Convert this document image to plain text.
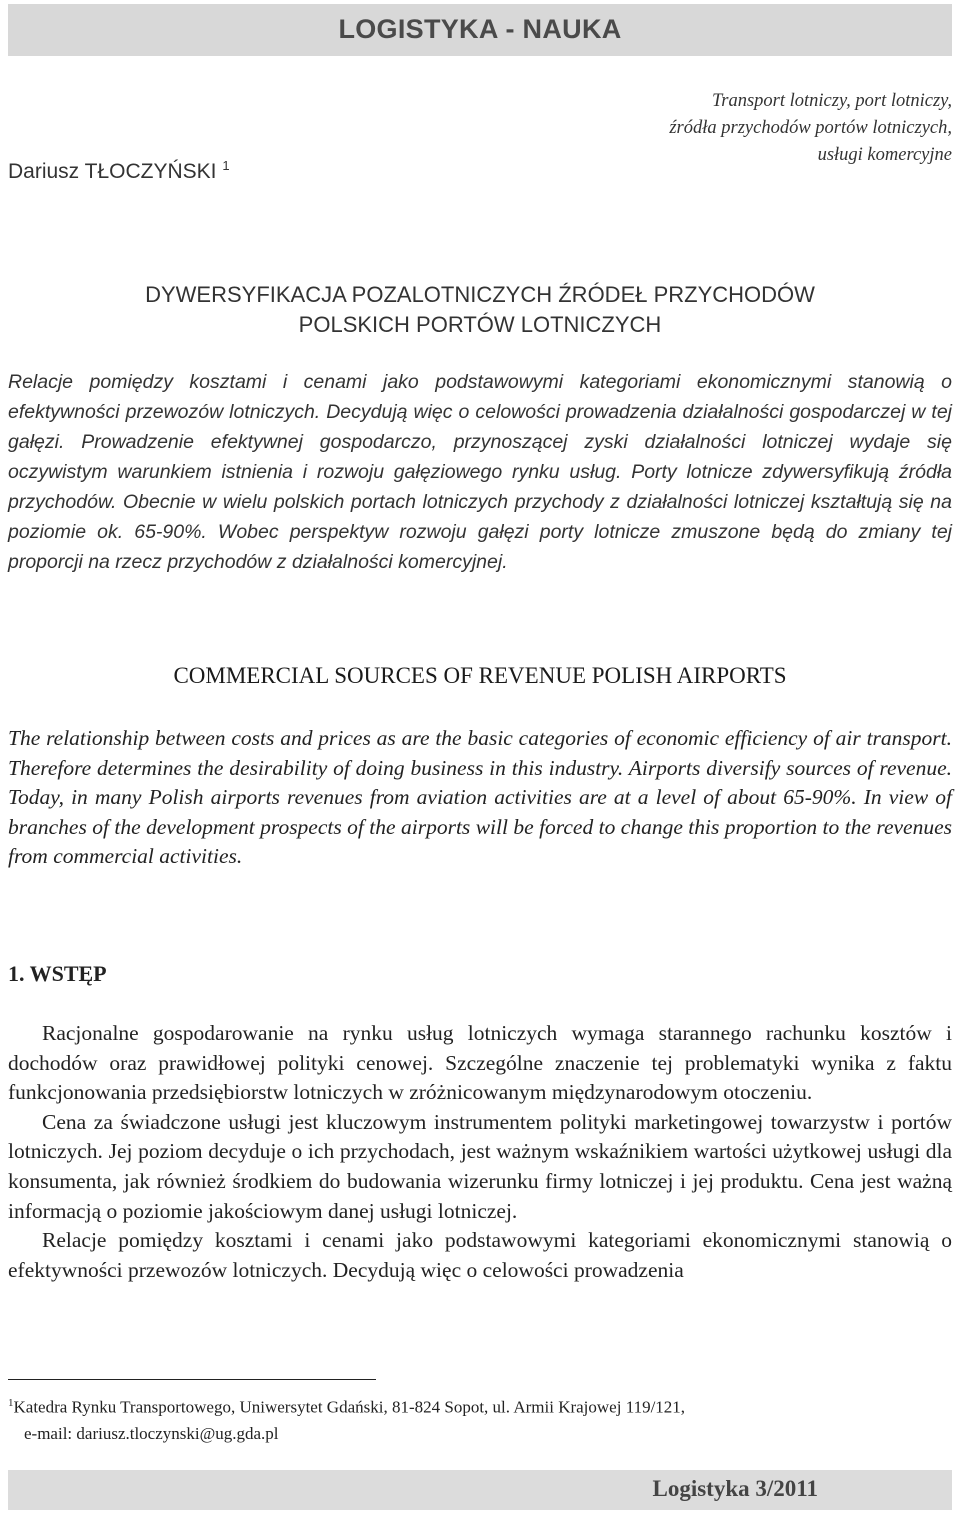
LOGISTYKA - NAUKA
Transport lotniczy, port lotniczy,
źródła przychodów portów lotniczych,
usługi komercyjne
Dariusz TŁOCZYŃSKI $^1$
DYWERSYFIKACJA POZALOTNICZYCH ŹRÓDEŁ PRZYCHODÓW
POLSKICH PORTÓW LOTNICZYCH
Relacje pomiędzy kosztami i cenami jako podstawowymi kategoriami ekonomicznymi stanowią o efektywności przewozów lotniczych. Decydują więc o celowości prowadzenia działalności gospodarczej w tej gałęzi. Prowadzenie efektywnej gospodarczo, przynoszącej zyski działalności lotniczej wydaje się oczywistym warunkiem istnienia i rozwoju gałęziowego rynku usług. Porty lotnicze zdywersyfikują źródła przychodów. Obecnie w wielu polskich portach lotniczych przychody z działalności lotniczej kształtują się na poziomie ok. 65-90%. Wobec perspektyw rozwoju gałęzi porty lotnicze zmuszone będą do zmiany tej proporcji na rzecz przychodów z działalności komercyjnej.
COMMERCIAL SOURCES OF REVENUE POLISH AIRPORTS
The relationship between costs and prices as are the basic categories of economic efficiency of air transport. Therefore determines the desirability of doing business in this industry. Airports diversify sources of revenue. Today, in many Polish airports revenues from aviation activities are at a level of about 65-90%. In view of branches of the development prospects of the airports will be forced to change this proportion to the revenues from commercial activities.
1. WSTĘP

Racjonalne gospodarowanie na rynku usług lotniczych wymaga starannego rachunku kosztów i dochodów oraz prawidłowej polityki cenowej. Szczególne znaczenie tej problematyki wynika z faktu funkcjonowania przedsiębiorstw lotniczych w zróżnicowanym międzynarodowym otoczeniu.

Cena za świadczone usługi jest kluczowym instrumentem polityki marketingowej towarzystw i portów lotniczych. Jej poziom decyduje o ich przychodach, jest ważnym wskaźnikiem wartości użytkowej usługi dla konsumenta, jak również środkiem do budowania wizerunku firmy lotniczej i jej produktu. Cena jest ważną informacją o poziomie jakościowym danej usługi lotniczej.

Relacje pomiędzy kosztami i cenami jako podstawowymi kategoriami ekonomicznymi stanowią o efektywności przewozów lotniczych. Decydują więc o celowości prowadzenia

$^1$Katedra Rynku Transportowego, Uniwersytet Gdański, 81-824 Sopot, ul. Armii Krajowej 119/121,
e-mail: dariusz.tloczynski@ug.gda.pl
Logistyka 3/2011
